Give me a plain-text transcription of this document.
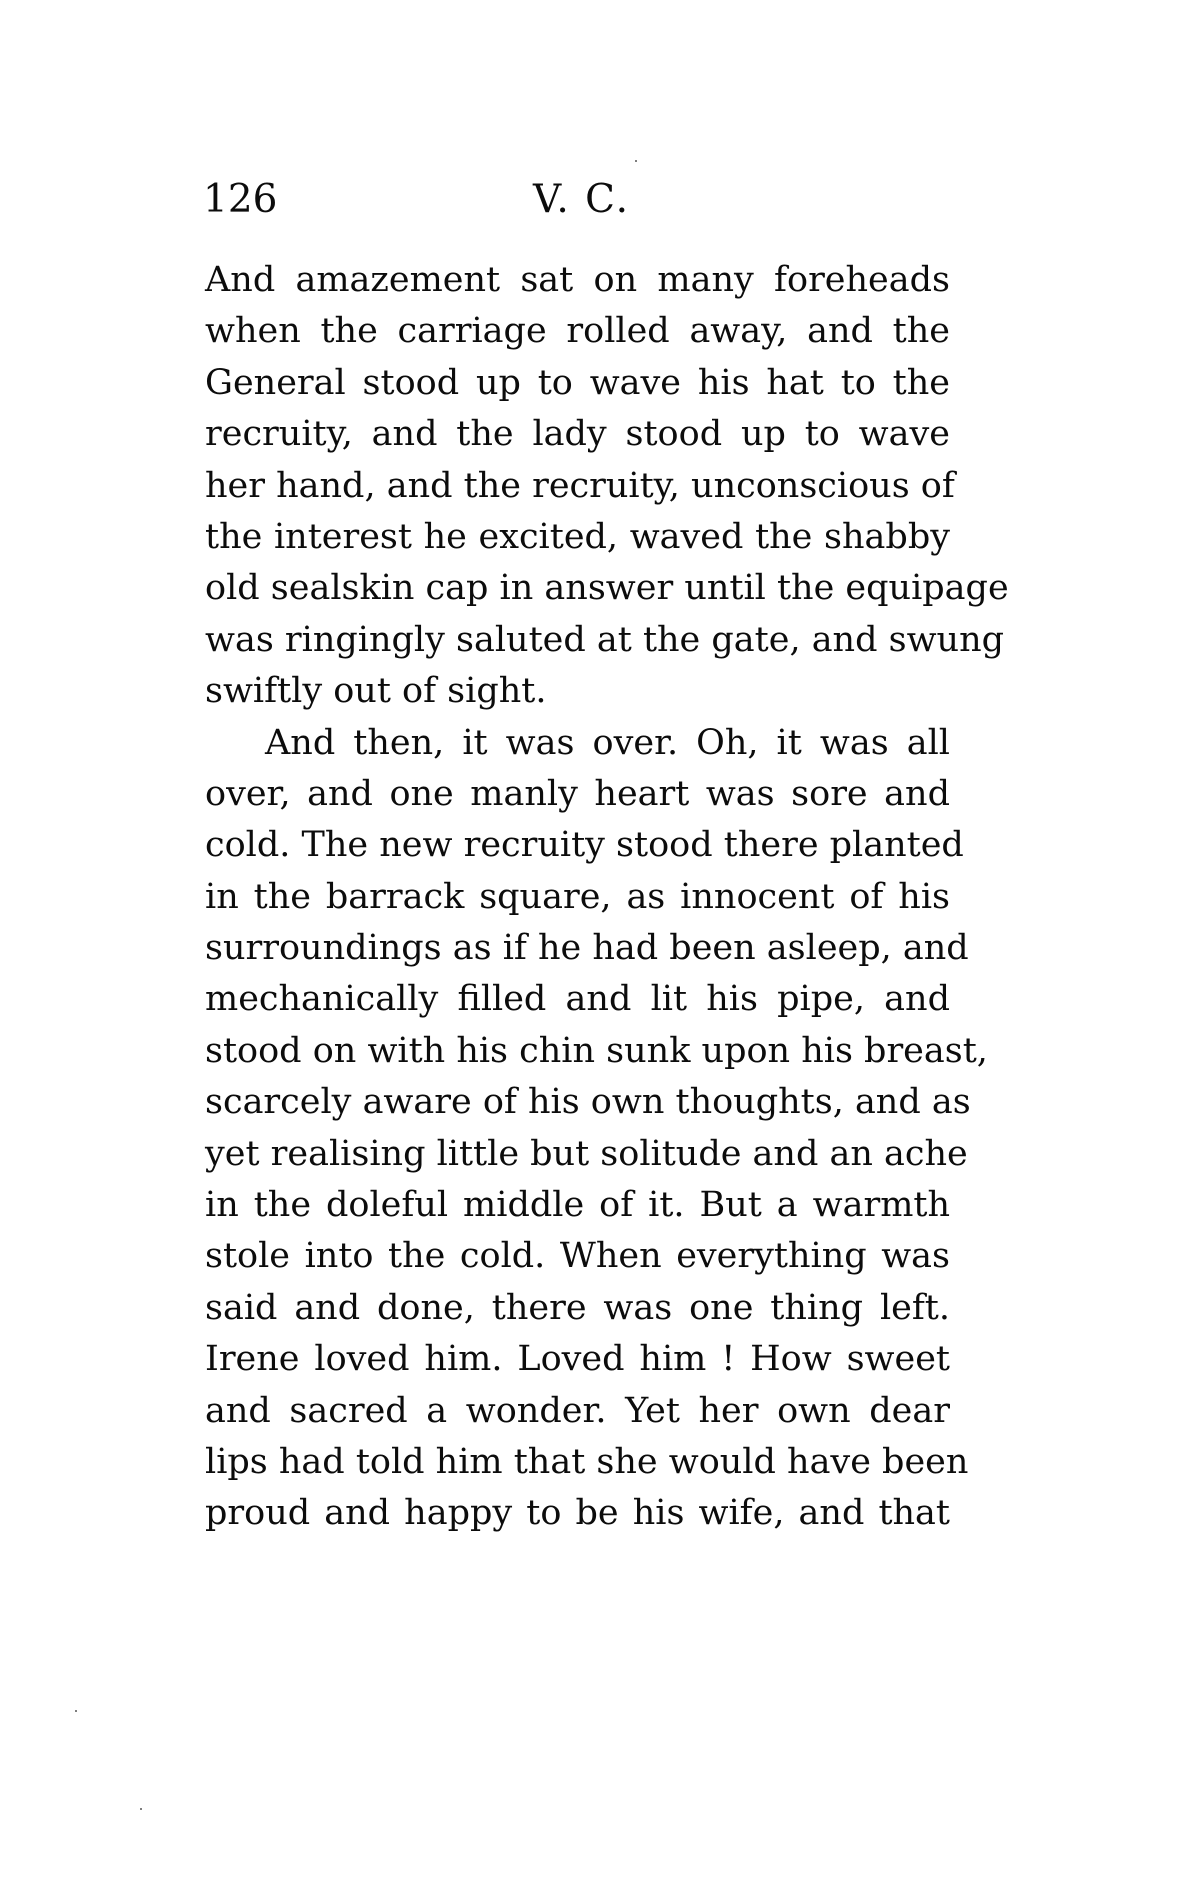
126	V. C.
And amazement sat on many foreheads
when the carriage rolled away, and the
General stood up to wave his hat to the
recruity, and the lady stood up to wave
her hand, and the recruity, unconscious of
the interest he excited, waved the shabby
old sealskin cap in answer until the equipage
was ringingly saluted at the gate, and swung
swiftly out of sight.
And then, it was over. Oh, it was all
over, and one manly heart was sore and
cold. The new recruity stood there planted
in the barrack square, as innocent of his
surroundings as if he had been asleep, and
mechanically filled and lit his pipe, and
stood on with his chin sunk upon his breast,
scarcely aware of his own thoughts, and as
yet realising little but solitude and an ache
in the doleful middle of it. But a warmth
stole into the cold. When everything was
said and done, there was one thing left.
Irene loved him. Loved him ! How sweet
and sacred a wonder. Yet her own dear
lips had told him that she would have been
proud and happy to be his wife, and that
